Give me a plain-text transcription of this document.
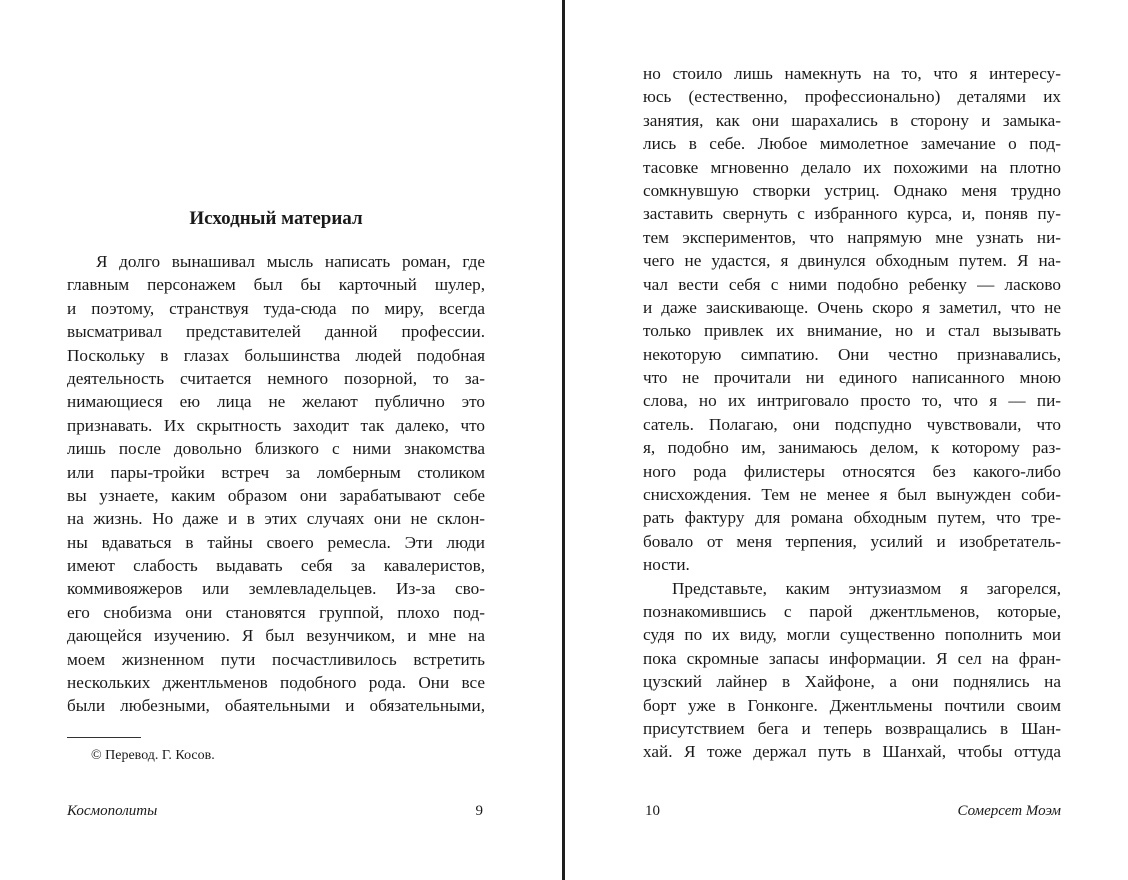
Исходный материал
Я долго вынашивал мысль написать роман, где
главным персонажем был бы карточный шулер,
и поэтому, странствуя туда-сюда по миру, всегда
высматривал представителей данной профессии.
Поскольку в глазах большинства людей подобная
деятельность считается немного позорной, то за-
нимающиеся ею лица не желают публично это
признавать. Их скрытность заходит так далеко, что
лишь после довольно близкого с ними знакомства
или пары-тройки встреч за ломберным столиком
вы узнаете, каким образом они зарабатывают себе
на жизнь. Но даже и в этих случаях они не склон-
ны вдаваться в тайны своего ремесла. Эти люди
имеют слабость выдавать себя за кавалеристов,
коммивояжеров или землевладельцев. Из-за сво-
его снобизма они становятся группой, плохо под-
дающейся изучению. Я был везунчиком, и мне на
моем жизненном пути посчастливилось встретить
нескольких джентльменов подобного рода. Они все
были любезными, обаятельными и обязательными,

© Перевод. Г. Косов.

Космополиты	9
но стоило лишь намекнуть на то, что я интересу-
юсь (естественно, профессионально) деталями их
занятия, как они шарахались в сторону и замыка-
лись в себе. Любое мимолетное замечание о под-
тасовке мгновенно делало их похожими на плотно
сомкнувшую створки устриц. Однако меня трудно
заставить свернуть с избранного курса, и, поняв пу-
тем экспериментов, что напрямую мне узнать ни-
чего не удастся, я двинулся обходным путем. Я на-
чал вести себя с ними подобно ребенку — ласково
и даже заискивающе. Очень скоро я заметил, что не
только привлек их внимание, но и стал вызывать
некоторую симпатию. Они честно признавались,
что не прочитали ни единого написанного мною
слова, но их интриговало просто то, что я — пи-
сатель. Полагаю, они подспудно чувствовали, что
я, подобно им, занимаюсь делом, к которому раз-
ного рода филистеры относятся без какого-либо
снисхождения. Тем не менее я был вынужден соби-
рать фактуру для романа обходным путем, что тре-
бовало от меня терпения, усилий и изобретатель-
ности.
Представьте, каким энтузиазмом я загорелся,
познакомившись с парой джентльменов, которые,
судя по их виду, могли существенно пополнить мои
пока скромные запасы информации. Я сел на фран-
цузский лайнер в Хайфоне, а они поднялись на
борт уже в Гонконге. Джентльмены почтили своим
присутствием бега и теперь возвращались в Шан-
хай. Я тоже держал путь в Шанхай, чтобы оттуда
10	Сомерсет Моэм
